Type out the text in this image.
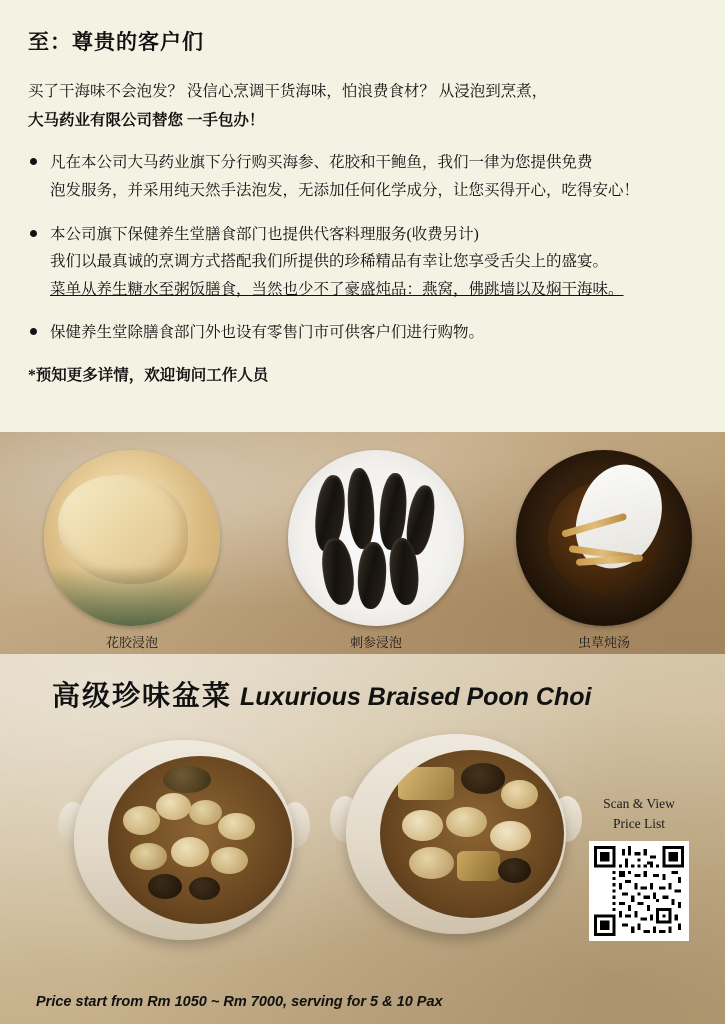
至：尊贵的客户们
买了干海味不会泡发？ 没信心烹调干货海味，怕浪费食材？ 从浸泡到烹煮，
大马药业有限公司替您 一手包办！
凡在本公司大马药业旗下分行购买海参、花胶和干鲍鱼，我们一律为您提供免费
泡发服务，并采用纯天然手法泡发，无添加任何化学成分，让您买得开心，吃得安心！
本公司旗下保健养生堂膳食部门也提供代客料理服务(收费另计)
我们以最真诚的烹调方式搭配我们所提供的珍稀精品有幸让您享受舌尖上的盛宴。
菜单从养生糖水至粥饭膳食，当然也少不了豪盛炖品：燕窝，佛跳墙以及焖干海味。
保健养生堂除膳食部门外也设有零售门市可供客户们进行购物。
*预知更多详情，欢迎询问工作人员
花胶浸泡	刺参浸泡	虫草炖汤
高级珍味盆菜 Luxurious Braised Poon Choi
Scan & View
Price List
Price start from Rm 1050 ~ Rm 7000, serving for 5 & 10 Pax
